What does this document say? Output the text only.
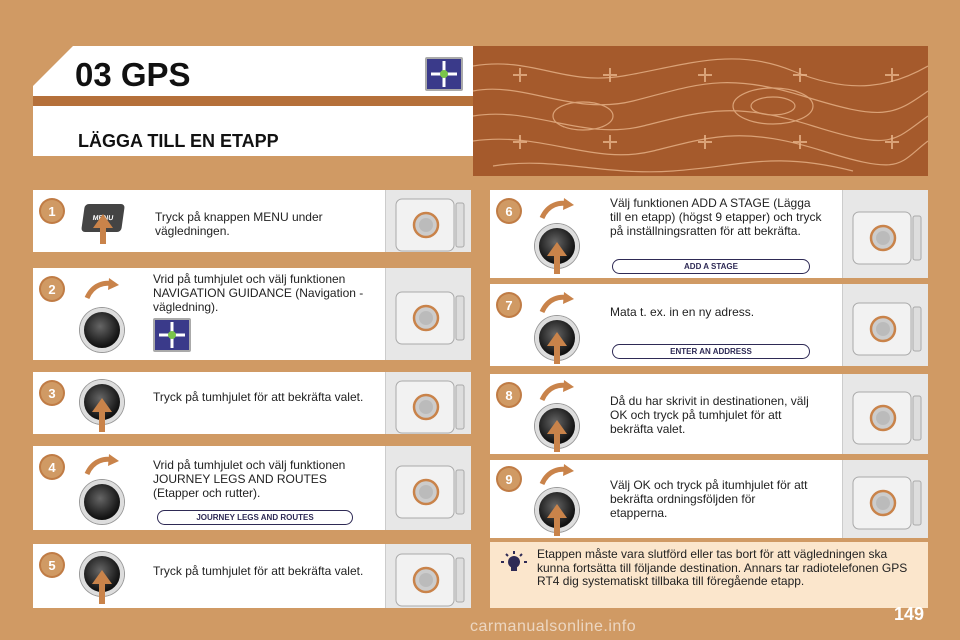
03 GPS
LÄGGA TILL EN ETAPP
1	MENU	Tryck på knappen MENU under vägledningen.
2
Vrid på tumhjulet och välj funktionen NAVIGATION GUIDANCE (Navigation - vägledning).
3	Tryck på tumhjulet för att bekräfta valet.
4	Vrid på tumhjulet och välj funktionen JOURNEY LEGS AND ROUTES (Etapper och rutter).
JOURNEY LEGS AND ROUTES
5	Tryck på tumhjulet för att bekräfta valet.
6
Välj funktionen ADD A STAGE (Lägga till en etapp) (högst 9 etapper) och tryck på inställningsratten för att bekräfta.
ADD A STAGE
7	Mata t. ex. in en ny adress.
ENTER AN ADDRESS
8	Då du har skrivit in destinationen, välj OK och tryck på tumhjulet för att bekräfta valet.
9	Välj OK och tryck på itumhjulet för att bekräfta ordningsföljden för etapperna.
Etappen måste vara slutförd eller tas bort för att vägledningen ska kunna fortsätta till följande destination. Annars tar radiotelefonen GPS RT4 dig systematiskt tillbaka till föregående etapp.
149
carmanualsonline.info
